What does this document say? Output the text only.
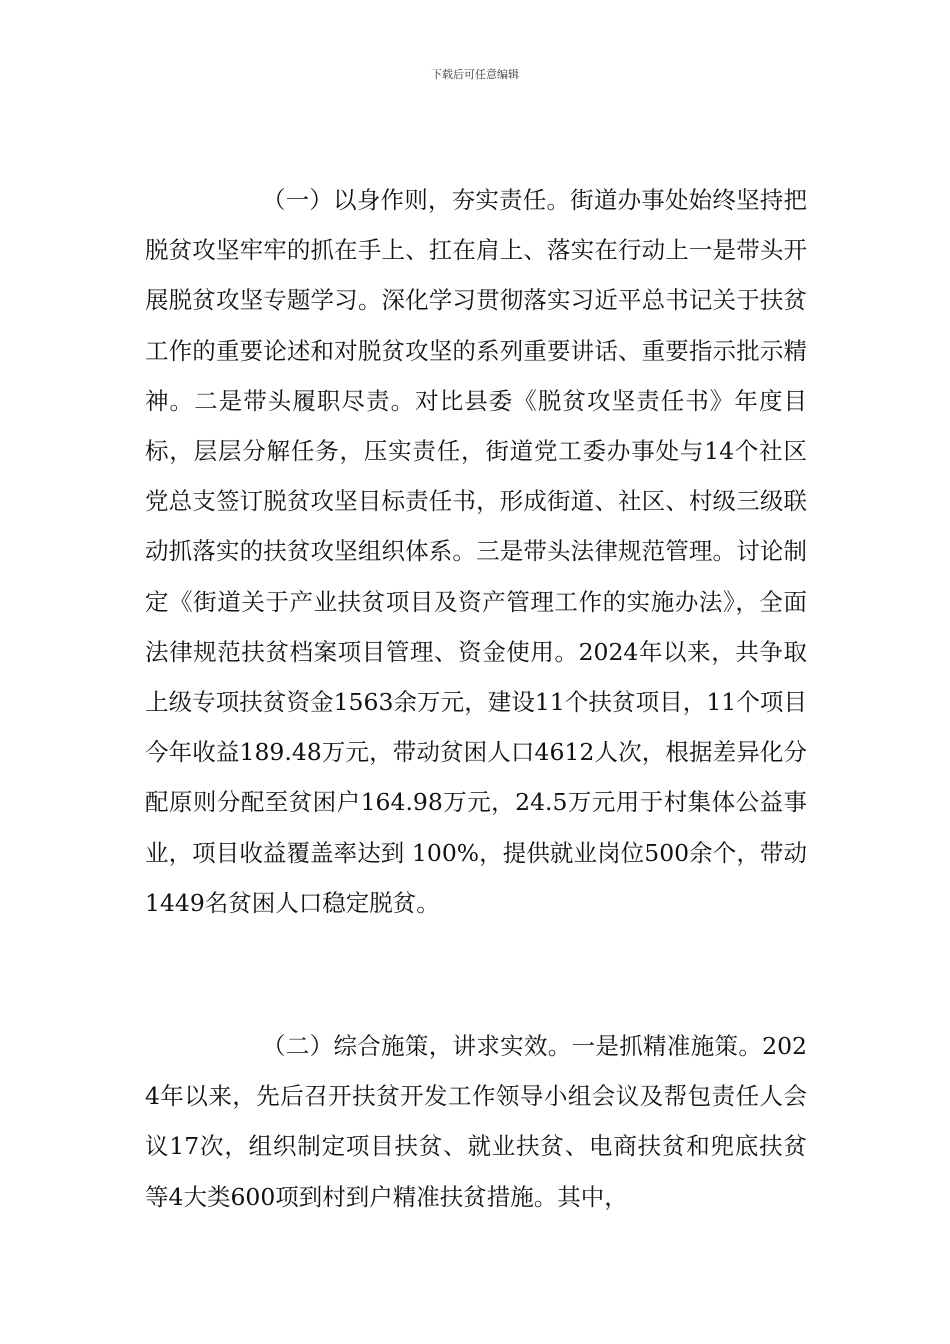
下载后可任意编辑

（一）以身作则，夯实责任。街道办事处始终坚持把脱贫攻坚牢牢的抓在手上、扛在肩上、落实在行动上一是带头开展脱贫攻坚专题学习。深化学习贯彻落实习近平总书记关于扶贫工作的重要论述和对脱贫攻坚的系列重要讲话、重要指示批示精神。二是带头履职尽责。对比县委《脱贫攻坚责任书》年度目标，层层分解任务，压实责任，街道党工委办事处与14个社区党总支签订脱贫攻坚目标责任书，形成街道、社区、村级三级联动抓落实的扶贫攻坚组织体系。三是带头法律规范管理。讨论制定《街道关于产业扶贫项目及资产管理工作的实施办法》，全面法律规范扶贫档案项目管理、资金使用。2024年以来，共争取上级专项扶贫资金1563余万元，建设11个扶贫项目，11个项目今年收益189.48万元，带动贫困人口4612人次，根据差异化分配原则分配至贫困户164.98万元，24.5万元用于村集体公益事业，项目收益覆盖率达到 100%，提供就业岗位500余个，带动1449名贫困人口稳定脱贫。

（二）综合施策，讲求实效。一是抓精准施策。2024年以来，先后召开扶贫开发工作领导小组会议及帮包责任人会议17次，组织制定项目扶贫、就业扶贫、电商扶贫和兜底扶贫等4大类600项到村到户精准扶贫措施。其中，
